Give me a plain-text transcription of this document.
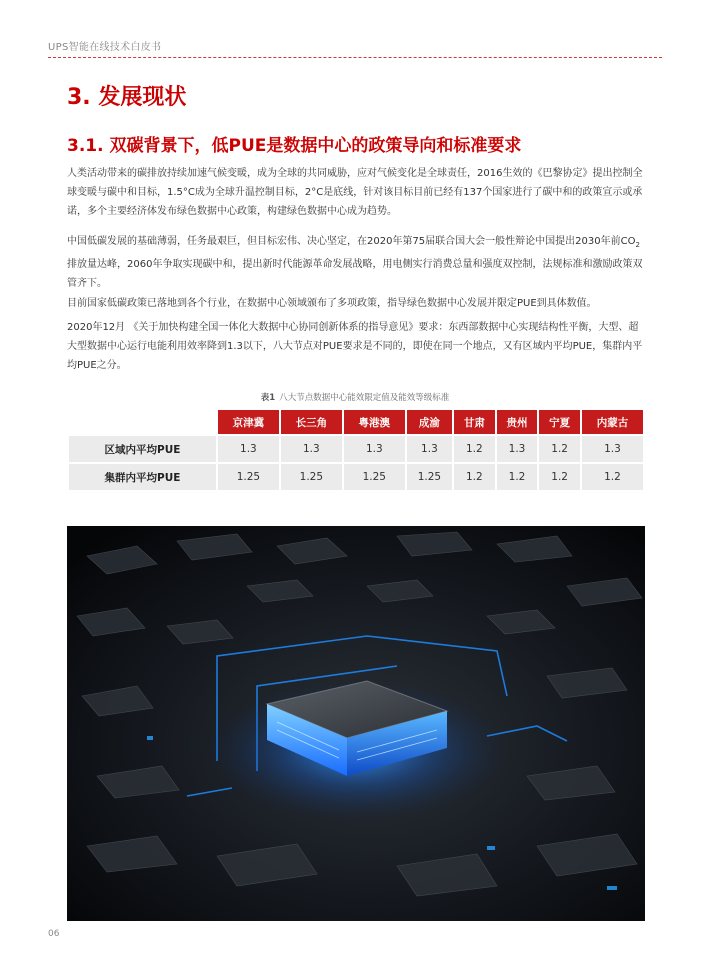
UPS智能在线技术白皮书
3. 发展现状
3.1. 双碳背景下，低PUE是数据中心的政策导向和标准要求

人类活动带来的碳排放持续加速气候变暖，成为全球的共同威胁，应对气候变化是全球责任，2016生效的《巴黎协定》提出控制全球变暖与碳中和目标，1.5°C成为全球升温控制目标，2°C是底线，针对该目标目前已经有137个国家进行了碳中和的政策宣示或承诺，多个主要经济体发布绿色数据中心政策，构建绿色数据中心成为趋势。

中国低碳发展的基础薄弱，任务最艰巨，但目标宏伟、决心坚定，在2020年第75届联合国大会一般性辩论中国提出2030年前$CO_2$排放量达峰，2060年争取实现碳中和，提出新时代能源革命发展战略，用电侧实行消费总量和强度双控制，法规标准和激励政策双管齐下。

目前国家低碳政策已落地到各个行业，在数据中心领域颁布了多项政策，指导绿色数据中心发展并限定PUE到具体数值。

2020年12月 《关于加快构建全国一体化大数据中心协同创新体系的指导意见》要求：东西部数据中心实现结构性平衡，大型、超大型数据中心运行电能利用效率降到1.3以下，八大节点对PUE要求是不同的，即使在同一个地点，又有区域内平均PUE，集群内平均PUE之分。

表1 八大节点数据中心能效限定值及能效等级标准
	京津冀	长三角	粤港澳	成渝	甘肃	贵州	宁夏	内蒙古
区域内平均PUE	1.3	1.3	1.3	1.3	1.2	1.3	1.2	1.3
集群内平均PUE	1.25	1.25	1.25	1.25	1.2	1.2	1.2	1.2
06
